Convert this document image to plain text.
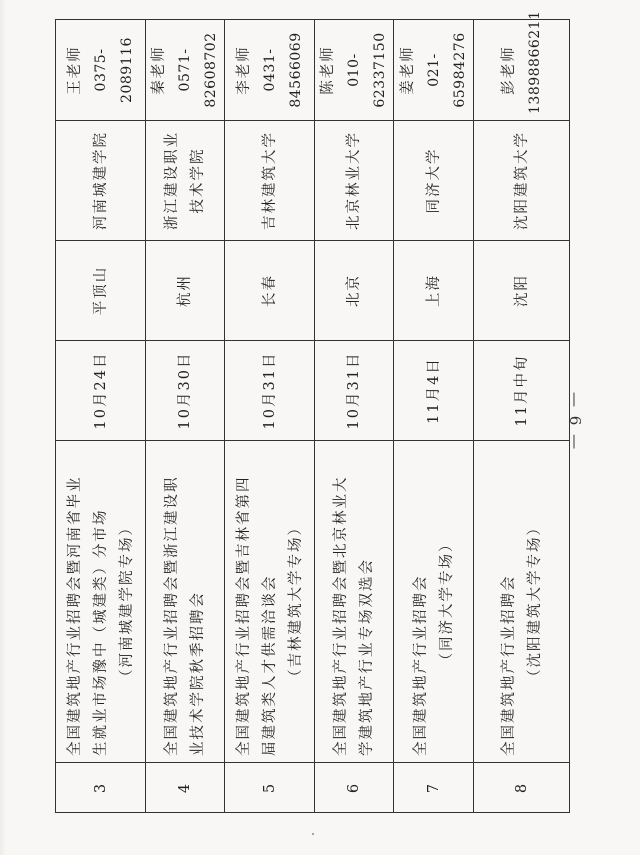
3	全国建筑地产行业招聘会暨河南省毕业 生就业市场豫中（城建类）分市场 （河南城建学院专场）	10月24日	平顶山	河南城建学院	王老师 0375-2089116

4	全国建筑地产行业招聘会暨浙江建设职 业技术学院秋季招聘会	10月30日	杭州	浙江建设职业技术学院	秦老师 0571-82608702

5	全国建筑地产行业招聘会暨吉林省第四 届建筑类人才供需洽谈会 （吉林建筑大学专场）	10月31日	长春	吉林建筑大学	李老师 0431-84566069

6	全国建筑地产行业招聘会暨北京林业大 学建筑地产行业专场双选会	10月31日	北京	北京林业大学	陈老师 010-62337150

7	全国建筑地产行业招聘会 （同济大学专场）	11月4日	上海	同济大学	姜老师 021-65984276

8	全国建筑地产行业招聘会 （沈阳建筑大学专场）	11月中旬	沈阳	沈阳建筑大学	彭老师 13898866211
— 6 —
